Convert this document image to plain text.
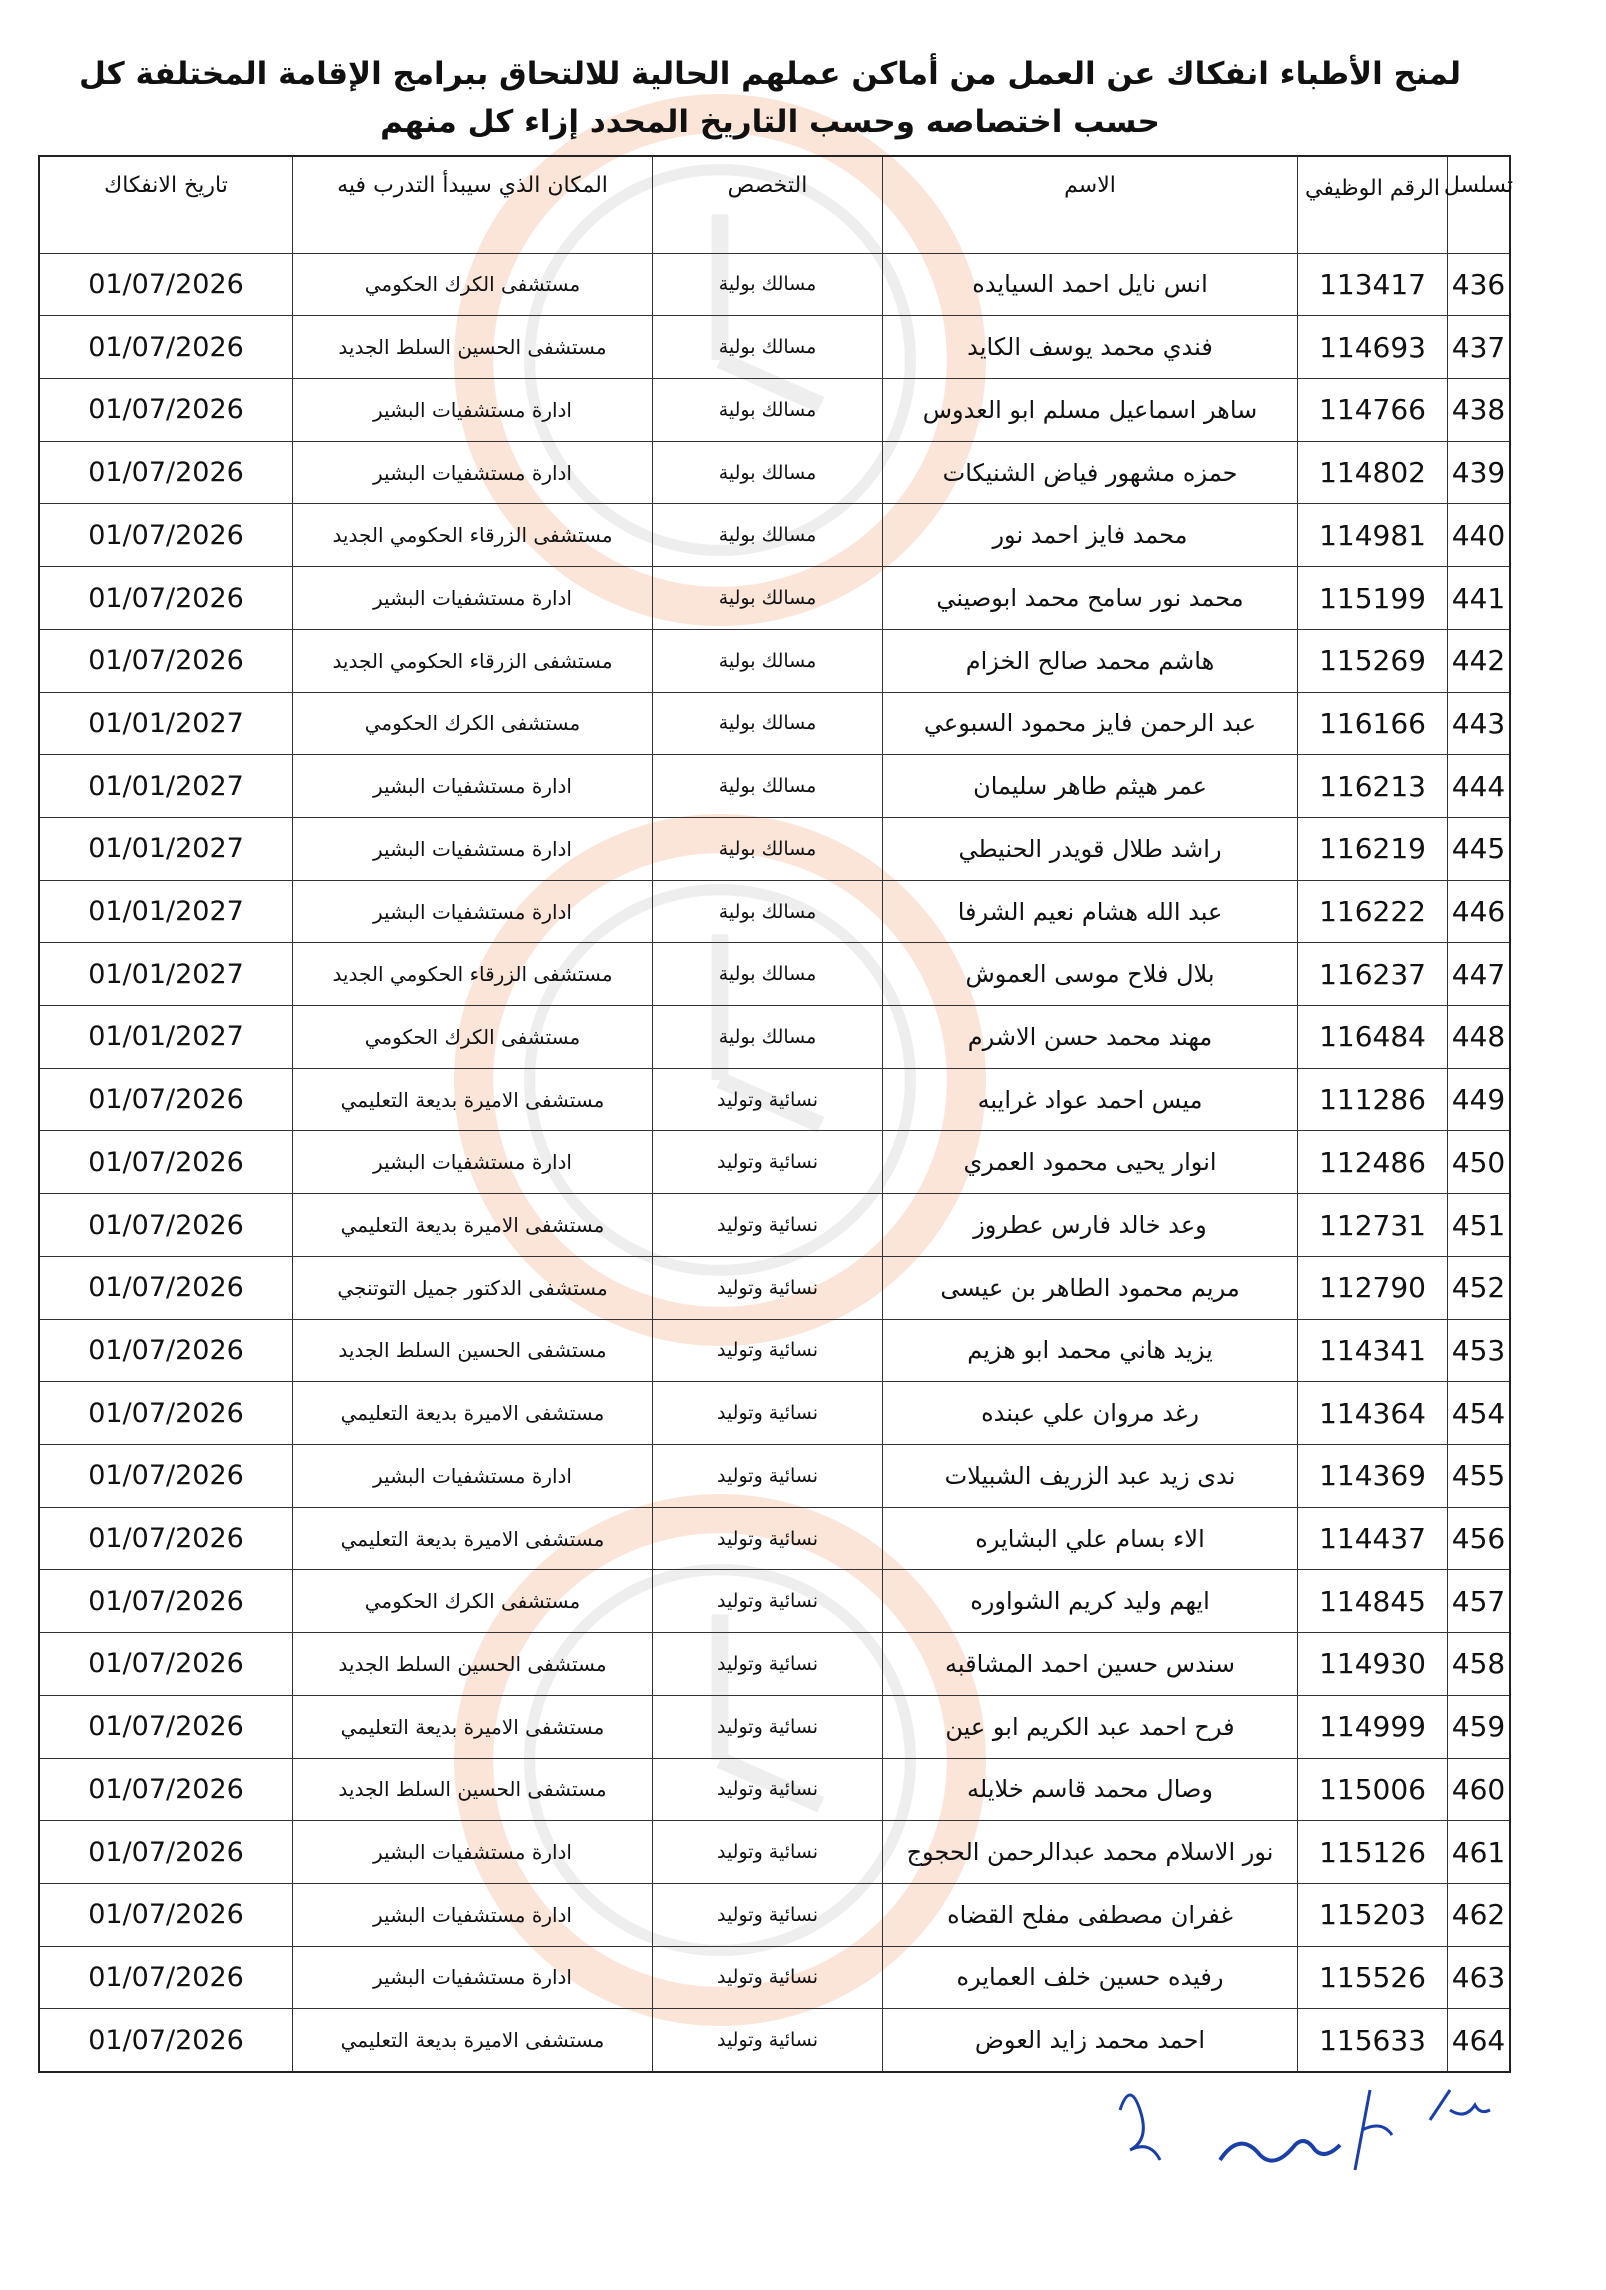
لمنح الأطباء انفكاك عن العمل من أماكن عملهم الحالية للالتحاق ببرامج الإقامة المختلفة كل حسب اختصاصه وحسب التاريخ المحدد إزاء كل منهم
تسلسل
الرقم الوظيفي
الاسم
التخصص
المكان الذي سيبدأ التدرب فيه
تاريخ الانفكاك
436
113417
انس نايل احمد السيايده
مسالك بولية
مستشفى الكرك الحكومي
01/07/2026
437
114693
فندي محمد يوسف الكايد
مسالك بولية
مستشفى الحسين السلط الجديد
01/07/2026
438
114766
ساهر اسماعيل مسلم ابو العدوس
مسالك بولية
ادارة مستشفيات البشير
01/07/2026
439
114802
حمزه مشهور فياض الشنيكات
مسالك بولية
ادارة مستشفيات البشير
01/07/2026
440
114981
محمد فايز احمد نور
مسالك بولية
مستشفى الزرقاء الحكومي الجديد
01/07/2026
441
115199
محمد نور سامح محمد ابوصيني
مسالك بولية
ادارة مستشفيات البشير
01/07/2026
442
115269
هاشم محمد صالح الخزام
مسالك بولية
مستشفى الزرقاء الحكومي الجديد
01/07/2026
443
116166
عبد الرحمن فايز محمود السبوعي
مسالك بولية
مستشفى الكرك الحكومي
01/01/2027
444
116213
عمر هيثم طاهر سليمان
مسالك بولية
ادارة مستشفيات البشير
01/01/2027
445
116219
راشد طلال قويدر الحنيطي
مسالك بولية
ادارة مستشفيات البشير
01/01/2027
446
116222
عبد الله هشام نعيم الشرفا
مسالك بولية
ادارة مستشفيات البشير
01/01/2027
447
116237
بلال فلاح موسى العموش
مسالك بولية
مستشفى الزرقاء الحكومي الجديد
01/01/2027
448
116484
مهند محمد حسن الاشرم
مسالك بولية
مستشفى الكرك الحكومي
01/01/2027
449
111286
ميس احمد عواد غرايبه
نسائية وتوليد
مستشفى الاميرة بديعة التعليمي
01/07/2026
450
112486
انوار يحيى محمود العمري
نسائية وتوليد
ادارة مستشفيات البشير
01/07/2026
451
112731
وعد خالد فارس عطروز
نسائية وتوليد
مستشفى الاميرة بديعة التعليمي
01/07/2026
452
112790
مريم محمود الطاهر بن عيسى
نسائية وتوليد
مستشفى الدكتور جميل التوتنجي
01/07/2026
453
114341
يزيد هاني محمد ابو هزيم
نسائية وتوليد
مستشفى الحسين السلط الجديد
01/07/2026
454
114364
رغد مروان علي عبنده
نسائية وتوليد
مستشفى الاميرة بديعة التعليمي
01/07/2026
455
114369
ندى زيد عبد الزريف الشبيلات
نسائية وتوليد
ادارة مستشفيات البشير
01/07/2026
456
114437
الاء بسام علي البشايره
نسائية وتوليد
مستشفى الاميرة بديعة التعليمي
01/07/2026
457
114845
ايهم وليد كريم الشواوره
نسائية وتوليد
مستشفى الكرك الحكومي
01/07/2026
458
114930
سندس حسين احمد المشاقبه
نسائية وتوليد
مستشفى الحسين السلط الجديد
01/07/2026
459
114999
فرح احمد عبد الكريم ابو عين
نسائية وتوليد
مستشفى الاميرة بديعة التعليمي
01/07/2026
460
115006
وصال محمد قاسم خلايله
نسائية وتوليد
مستشفى الحسين السلط الجديد
01/07/2026
461
115126
نور الاسلام محمد عبدالرحمن الحجوج
نسائية وتوليد
ادارة مستشفيات البشير
01/07/2026
462
115203
غفران مصطفى مفلح القضاه
نسائية وتوليد
ادارة مستشفيات البشير
01/07/2026
463
115526
رفيده حسين خلف العمايره
نسائية وتوليد
ادارة مستشفيات البشير
01/07/2026
464
115633
احمد محمد زايد العوض
نسائية وتوليد
مستشفى الاميرة بديعة التعليمي
01/07/2026
